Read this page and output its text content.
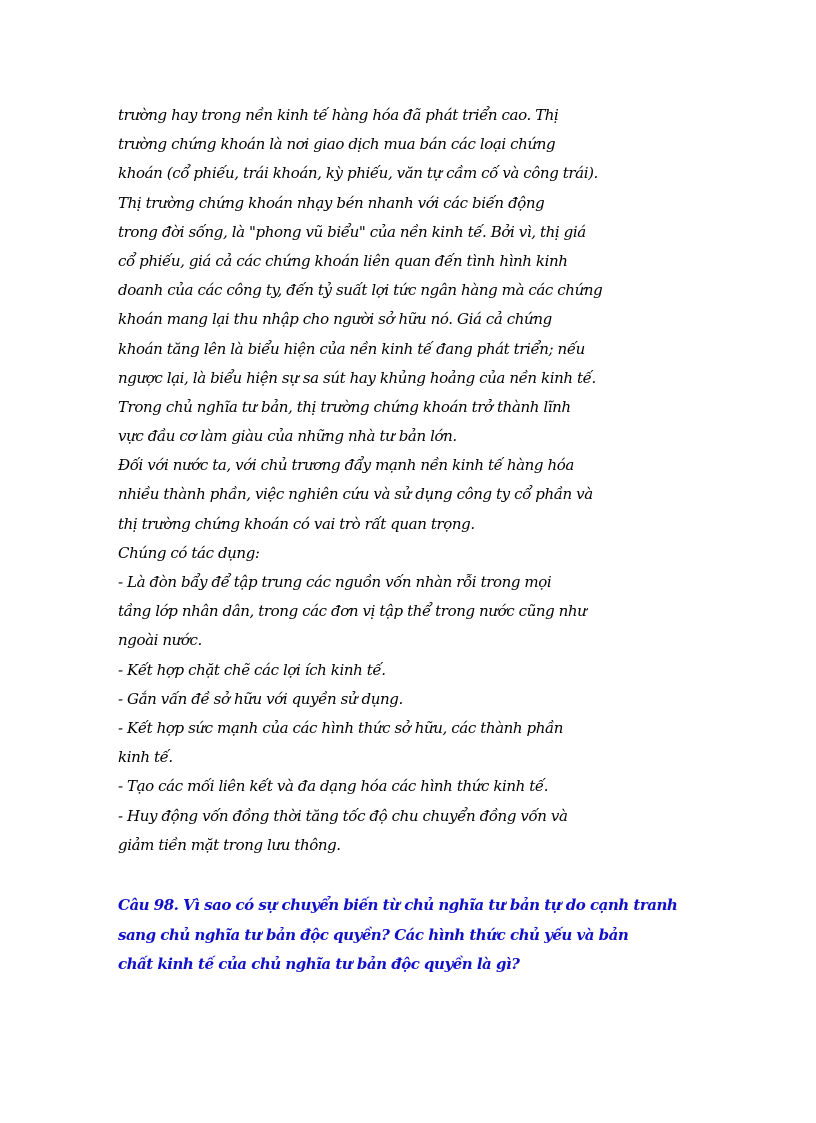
trường hay trong nền kinh tế hàng hóa đã phát triển cao. Thị
trường chứng khoán là nơi giao dịch mua bán các loại chứng
khoán (cổ phiếu, trái khoán, kỳ phiếu, văn tự cầm cố và công trái).
Thị trường chứng khoán nhạy bén nhanh với các biến động
trong đời sống, là "phong vũ biểu" của nền kinh tế. Bởi vì, thị giá
cổ phiếu, giá cả các chứng khoán liên quan đến tình hình kinh
doanh của các công ty, đến tỷ suất lợi tức ngân hàng mà các chứng
khoán mang lại thu nhập cho người sở hữu nó. Giá cả chứng
khoán tăng lên là biểu hiện của nền kinh tế đang phát triển; nếu
ngược lại, là biểu hiện sự sa sút hay khủng hoảng của nền kinh tế.
Trong chủ nghĩa tư bản, thị trường chứng khoán trở thành lĩnh
vực đầu cơ làm giàu của những nhà tư bản lớn.
Đối với nước ta, với chủ trương đẩy mạnh nền kinh tế hàng hóa
nhiều thành phần, việc nghiên cứu và sử dụng công ty cổ phần và
thị trường chứng khoán có vai trò rất quan trọng.
Chúng có tác dụng:
- Là đòn bẩy để tập trung các nguồn vốn nhàn rỗi trong mọi
tầng lớp nhân dân, trong các đơn vị tập thể trong nước cũng như
ngoài nước.
- Kết hợp chặt chẽ các lợi ích kinh tế.
- Gắn vấn đề sở hữu với quyền sử dụng.
- Kết hợp sức mạnh của các hình thức sở hữu, các thành phần
kinh tế.
- Tạo các mối liên kết và đa dạng hóa các hình thức kinh tế.
- Huy động vốn đồng thời tăng tốc độ chu chuyển đồng vốn và
giảm tiền mặt trong lưu thông.
Câu 98. Vì sao có sự chuyển biến từ chủ nghĩa tư bản tự do cạnh tranh
sang chủ nghĩa tư bản độc quyền? Các hình thức chủ yếu và bản
chất kinh tế của chủ nghĩa tư bản độc quyền là gì?
